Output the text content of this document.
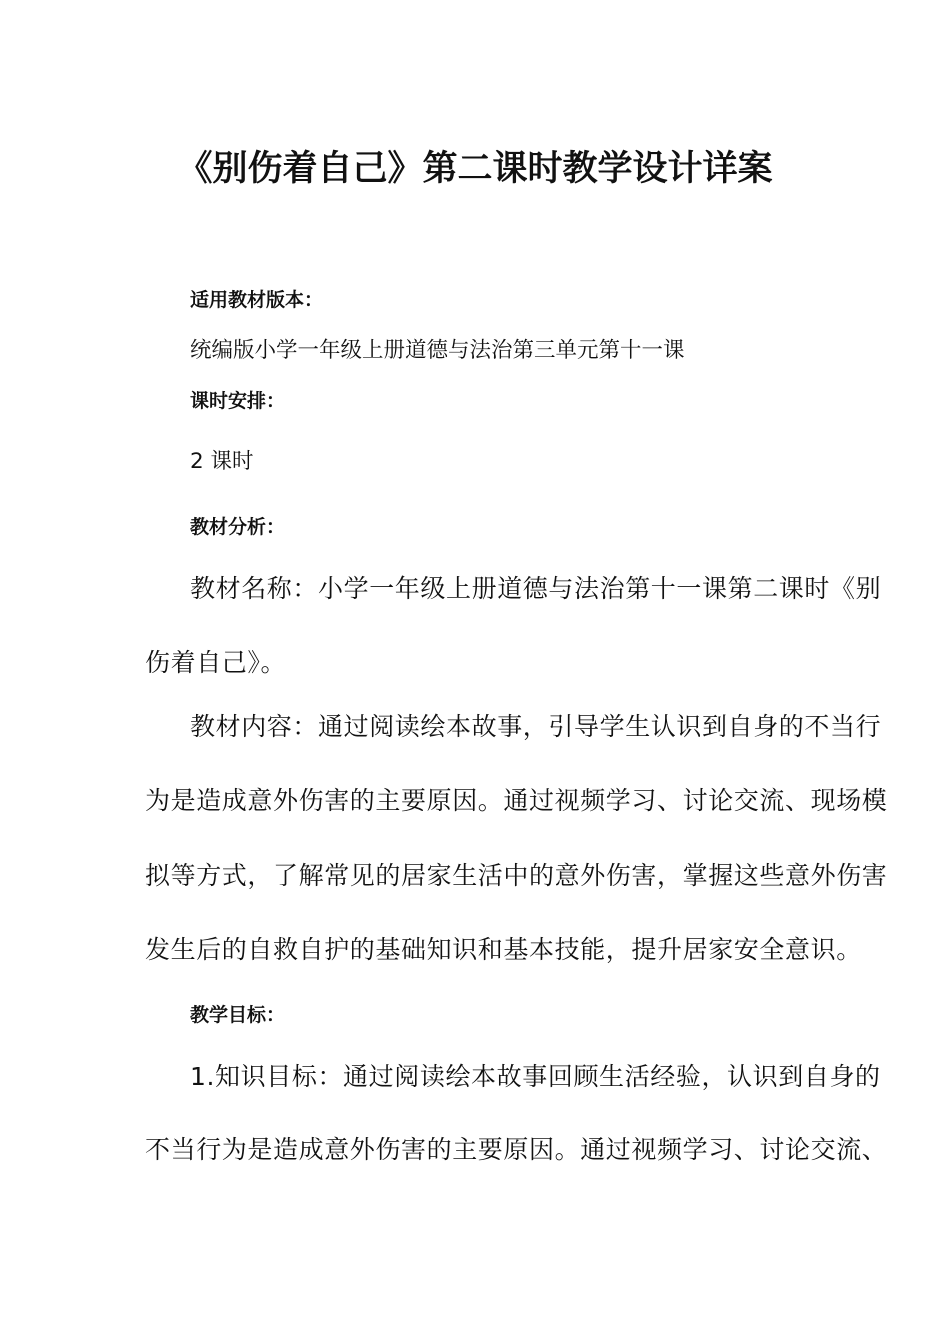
《别伤着自己》第二课时教学设计详案
适用教材版本：
统编版小学一年级上册道德与法治第三单元第十一课
课时安排：
2 课时
教材分析：
教材名称：小学一年级上册道德与法治第十一课第二课时《别
伤着自己》。
教材内容：通过阅读绘本故事，引导学生认识到自身的不当行
为是造成意外伤害的主要原因。通过视频学习、讨论交流、现场模
拟等方式，了解常见的居家生活中的意外伤害，掌握这些意外伤害
发生后的自救自护的基础知识和基本技能，提升居家安全意识。
教学目标：
1.知识目标：通过阅读绘本故事回顾生活经验，认识到自身的
不当行为是造成意外伤害的主要原因。通过视频学习、讨论交流、
